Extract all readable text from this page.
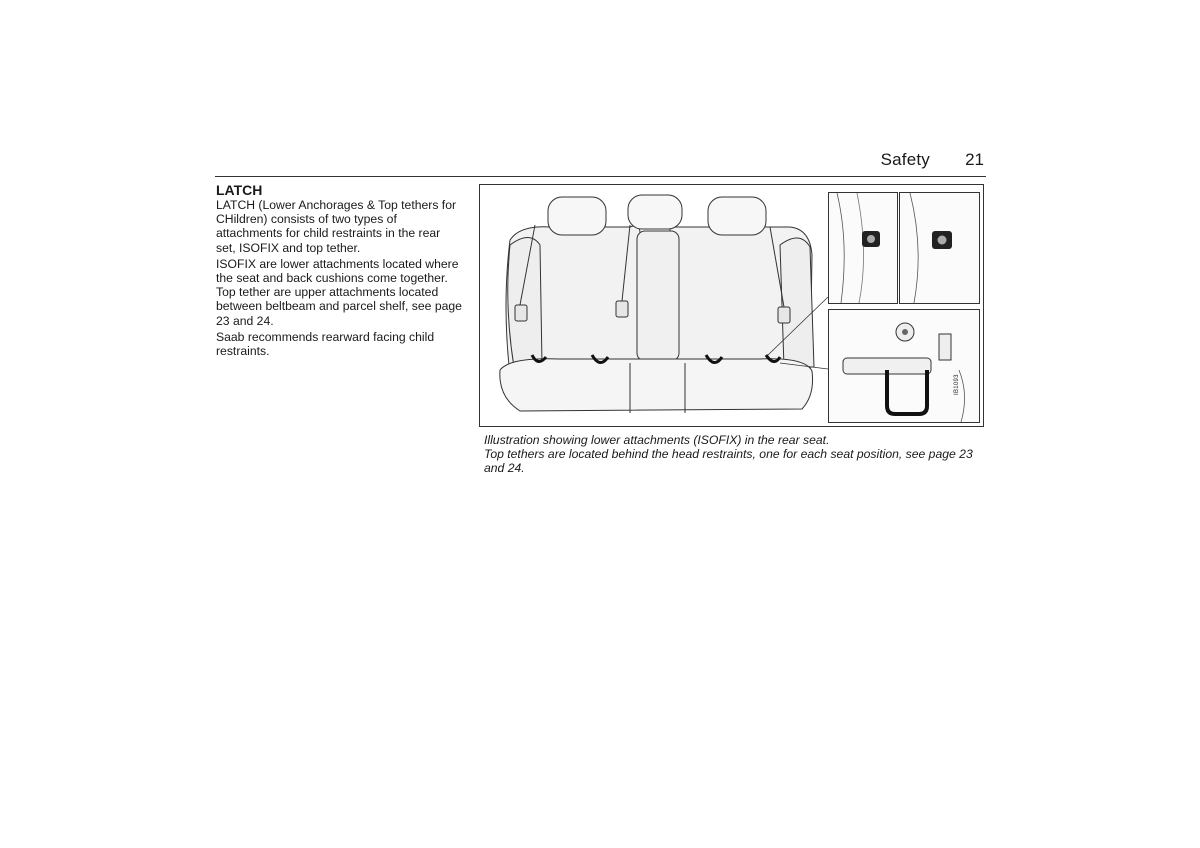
Safety	21
LATCH

LATCH (Lower Anchorages & Top tethers for CHildren) consists of two types of attachments for child restraints in the rear set, ISOFIX and top tether.

ISOFIX are lower attachments located where the seat and back cushions come together. Top tether are upper attachments located between beltbeam and parcel shelf, see page 23 and 24.

Saab recommends rearward facing child restraints.

IB1093

Illustration showing lower attachments (ISOFIX) in the rear seat.

Top tethers are located behind the head restraints, one for each seat position, see page 23 and 24.
